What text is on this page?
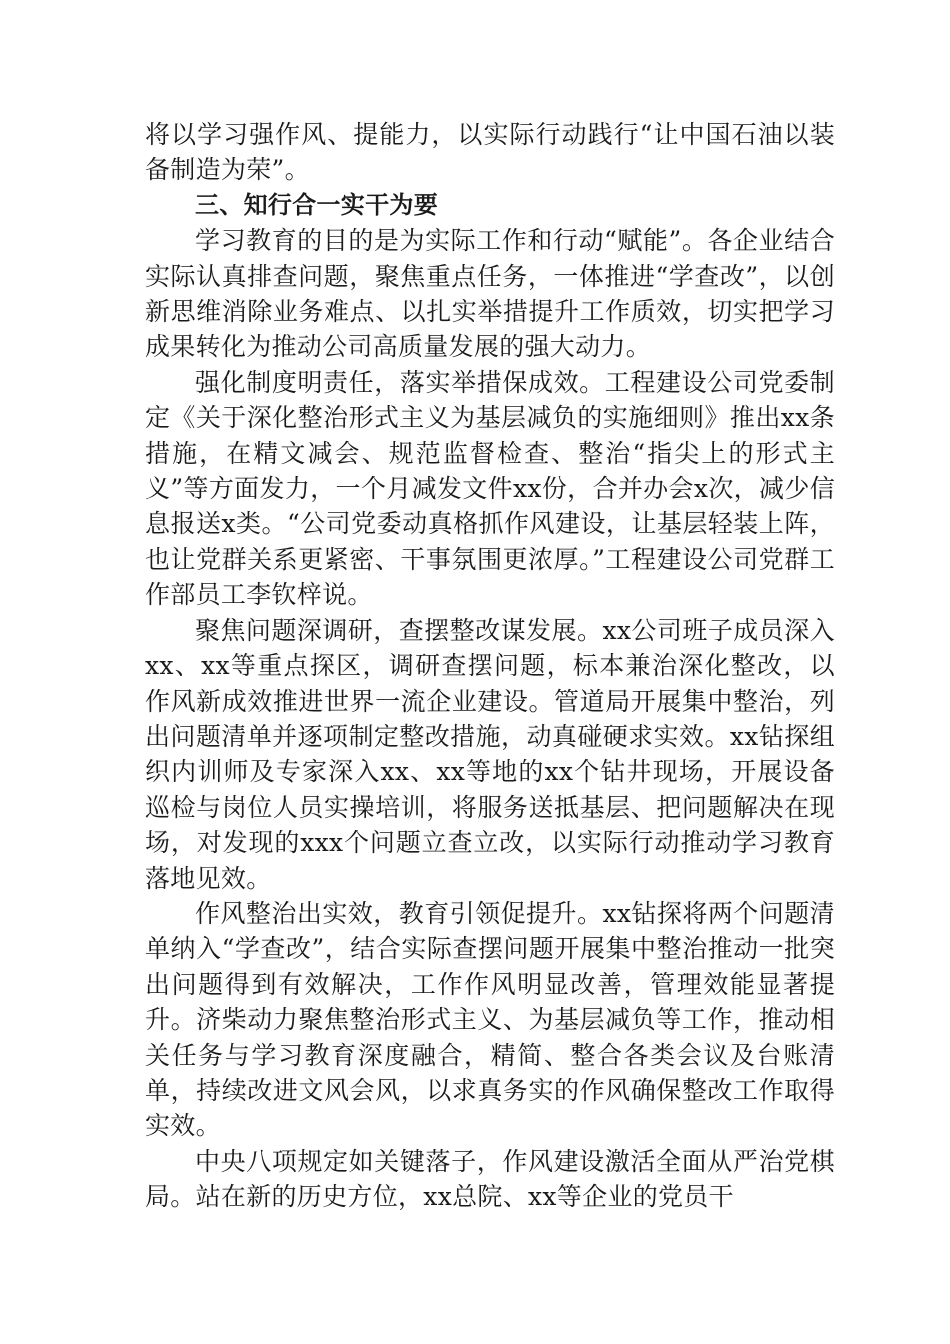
将以学习强作风、提能力，以实际行动践行“让中国石油以装备制造为荣”。

三、知行合一实干为要

学习教育的目的是为实际工作和行动“赋能”。各企业结合实际认真排查问题，聚焦重点任务，一体推进“学查改”，以创新思维消除业务难点、以扎实举措提升工作质效，切实把学习成果转化为推动公司高质量发展的强大动力。

强化制度明责任，落实举措保成效。工程建设公司党委制定《关于深化整治形式主义为基层减负的实施细则》推出xx条措施，在精文减会、规范监督检查、整治“指尖上的形式主义”等方面发力，一个月减发文件xx份，合并办会x次，减少信息报送x类。“公司党委动真格抓作风建设，让基层轻装上阵，也让党群关系更紧密、干事氛围更浓厚。”工程建设公司党群工作部员工李钦梓说。

聚焦问题深调研，查摆整改谋发展。xx公司班子成员深入xx、xx等重点探区，调研查摆问题，标本兼治深化整改，以作风新成效推进世界一流企业建设。管道局开展集中整治，列出问题清单并逐项制定整改措施，动真碰硬求实效。xx钻探组织内训师及专家深入xx、xx等地的xx个钻井现场，开展设备巡检与岗位人员实操培训，将服务送抵基层、把问题解决在现场，对发现的xxx个问题立查立改，以实际行动推动学习教育落地见效。

作风整治出实效，教育引领促提升。xx钻探将两个问题清单纳入“学查改”，结合实际查摆问题开展集中整治推动一批突出问题得到有效解决，工作作风明显改善，管理效能显著提升。济柴动力聚焦整治形式主义、为基层减负等工作，推动相关任务与学习教育深度融合，精简、整合各类会议及台账清单，持续改进文风会风，以求真务实的作风确保整改工作取得实效。

中央八项规定如关键落子，作风建设激活全面从严治党棋局。站在新的历史方位，xx总院、xx等企业的党员干
